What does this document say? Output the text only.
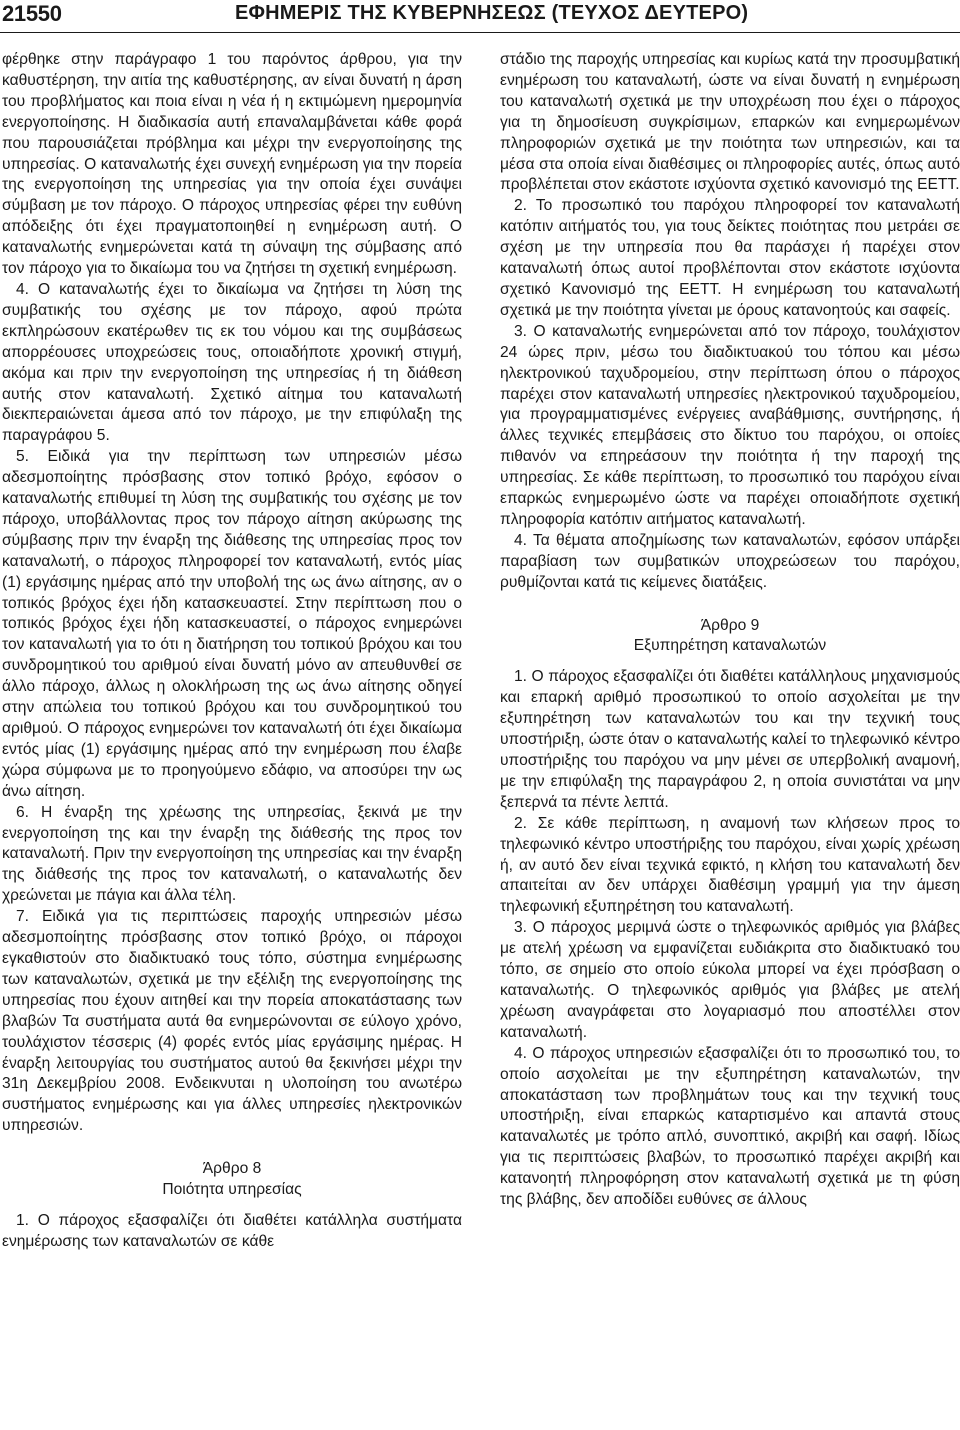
21550	ΕΦΗΜΕΡΙΣ ΤΗΣ ΚΥΒΕΡΝΗΣΕΩΣ (ΤΕΥΧΟΣ ΔΕΥΤΕΡΟ)

φέρθηκε στην παράγραφο 1 του παρόντος άρθρου, για την καθυστέρηση, την αιτία της καθυστέρησης, αν είναι δυνατή η άρση του προβλήματος και ποια είναι η νέα ή η εκτιμώμενη ημερομηνία ενεργοποίησης. Η διαδικασία αυτή επαναλαμβάνεται κάθε φορά που παρουσιάζεται πρόβλημα και μέχρι την ενεργοποίησης της υπηρεσίας. Ο καταναλωτής έχει συνεχή ενημέρωση για την πορεία της ενεργοποίηση της υπηρεσίας για την οποία έχει συνάψει σύμβαση με τον πάροχο. Ο πάροχος υπηρεσίας φέρει την ευθύνη απόδειξης ότι έχει πραγματοποιηθεί η ενημέρωση αυτή. Ο καταναλωτής ενημερώνεται κατά τη σύναψη της σύμβασης από τον πάροχο για το δικαίωμα του να ζητήσει τη σχετική ενημέρωση.

4. Ο καταναλωτής έχει το δικαίωμα να ζητήσει τη λύση της συμβατικής του σχέσης με τον πάροχο, αφού πρώτα εκπληρώσουν εκατέρωθεν τις εκ του νόμου και της συμβάσεως απορρέουσες υποχρεώσεις τους, οποιαδήποτε χρονική στιγμή, ακόμα και πριν την ενεργοποίηση της υπηρεσίας ή τη διάθεση αυτής στον καταναλωτή. Σχετικό αίτημα του καταναλωτή διεκπεραιώνεται άμεσα από τον πάροχο, με την επιφύλαξη της παραγράφου 5.

5. Ειδικά για την περίπτωση των υπηρεσιών μέσω αδεσμοποίητης πρόσβασης στον τοπικό βρόχο, εφόσον ο καταναλωτής επιθυμεί τη λύση της συμβατικής του σχέσης με τον πάροχο, υποβάλλοντας προς τον πάροχο αίτηση ακύρωσης της σύμβασης πριν την έναρξη της διάθεσης της υπηρεσίας προς τον καταναλωτή, ο πάροχος πληροφορεί τον καταναλωτή, εντός μίας (1) εργάσιμης ημέρας από την υποβολή της ως άνω αίτησης, αν ο τοπικός βρόχος έχει ήδη κατασκευαστεί. Στην περίπτωση που ο τοπικός βρόχος έχει ήδη κατασκευαστεί, ο πάροχος ενημερώνει τον καταναλωτή για το ότι η διατήρηση του τοπικού βρόχου και του συνδρομητικού του αριθμού είναι δυνατή μόνο αν απευθυνθεί σε άλλο πάροχο, άλλως η ολοκλήρωση της ως άνω αίτησης οδηγεί στην απώλεια του τοπικού βρόχου και του συνδρομητικού του αριθμού. Ο πάροχος ενημερώνει τον καταναλωτή ότι έχει δικαίωμα εντός μίας (1) εργάσιμης ημέρας από την ενημέρωση που έλαβε χώρα σύμφωνα με το προηγούμενο εδάφιο, να αποσύρει την ως άνω αίτηση.

6. Η έναρξη της χρέωσης της υπηρεσίας, ξεκινά με την ενεργοποίηση της και την έναρξη της διάθεσής της προς τον καταναλωτή. Πριν την ενεργοποίηση της υπηρεσίας και την έναρξη της διάθεσής της προς τον καταναλωτή, ο καταναλωτής δεν χρεώνεται με πάγια και άλλα τέλη.

7. Ειδικά για τις περιπτώσεις παροχής υπηρεσιών μέσω αδεσμοποίητης πρόσβασης στον τοπικό βρόχο, οι πάροχοι εγκαθιστούν στο διαδικτυακό τους τόπο, σύστημα ενημέρωσης των καταναλωτών, σχετικά με την εξέλιξη της ενεργοποίησης της υπηρεσίας που έχουν αιτηθεί και την πορεία αποκατάστασης των βλαβών Τα συστήματα αυτά θα ενημερώνονται σε εύλογο χρόνο, τουλάχιστον τέσσερις (4) φορές εντός μίας εργάσιμης ημέρας. Η έναρξη λειτουργίας του συστήματος αυτού θα ξεκινήσει μέχρι την 31η Δεκεμβρίου 2008. Ενδεικνυται η υλοποίηση του ανωτέρω συστήματος ενημέρωσης και για άλλες υπηρεσίες ηλεκτρονικών υπηρεσιών.

Άρθρο 8

Ποιότητα υπηρεσίας

1. Ο πάροχος εξασφαλίζει ότι διαθέτει κατάλληλα συστήματα ενημέρωσης των καταναλωτών σε κάθε

στάδιο της παροχής υπηρεσίας και κυρίως κατά την προσυμβατική ενημέρωση του καταναλωτή, ώστε να είναι δυνατή η ενημέρωση του καταναλωτή σχετικά με την υποχρέωση που έχει ο πάροχος για τη δημοσίευση συγκρίσιμων, επαρκών και ενημερωμένων πληροφοριών σχετικά με την ποιότητα των υπηρεσιών, και τα μέσα στα οποία είναι διαθέσιμες οι πληροφορίες αυτές, όπως αυτό προβλέπεται στον εκάστοτε ισχύοντα σχετικό κανονισμό της ΕΕΤΤ.

2. Το προσωπικό του παρόχου πληροφορεί τον καταναλωτή κατόπιν αιτήματός του, για τους δείκτες ποιότητας που μετράει σε σχέση με την υπηρεσία που θα παράσχει ή παρέχει στον καταναλωτή όπως αυτοί προβλέπονται στον εκάστοτε ισχύοντα σχετικό Κανονισμό της ΕΕΤΤ. Η ενημέρωση του καταναλωτή σχετικά με την ποιότητα γίνεται με όρους κατανοητούς και σαφείς.

3. Ο καταναλωτής ενημερώνεται από τον πάροχο, τουλάχιστον 24 ώρες πριν, μέσω του διαδικτυακού του τόπου και μέσω ηλεκτρονικού ταχυδρομείου, στην περίπτωση όπου ο πάροχος παρέχει στον καταναλωτή υπηρεσίες ηλεκτρονικού ταχυδρομείου, για προγραμματισμένες ενέργειες αναβάθμισης, συντήρησης, ή άλλες τεχνικές επεμβάσεις στο δίκτυο του παρόχου, οι οποίες πιθανόν να επηρεάσουν την ποιότητα ή την παροχή της υπηρεσίας. Σε κάθε περίπτωση, το προσωπικό του παρόχου είναι επαρκώς ενημερωμένο ώστε να παρέχει οποιαδήποτε σχετική πληροφορία κατόπιν αιτήματος καταναλωτή.

4. Τα θέματα αποζημίωσης των καταναλωτών, εφόσον υπάρξει παραβίαση των συμβατικών υποχρεώσεων του παρόχου, ρυθμίζονται κατά τις κείμενες διατάξεις.

Άρθρο 9

Εξυπηρέτηση καταναλωτών

1. Ο πάροχος εξασφαλίζει ότι διαθέτει κατάλληλους μηχανισμούς και επαρκή αριθμό προσωπικού το οποίο ασχολείται με την εξυπηρέτηση των καταναλωτών του και την τεχνική τους υποστήριξη, ώστε όταν ο καταναλωτής καλεί το τηλεφωνικό κέντρο υποστήριξης του παρόχου να μην μένει σε υπερβολική αναμονή, με την επιφύλαξη της παραγράφου 2, η οποία συνιστάται να μην ξεπερνά τα πέντε λεπτά.

2. Σε κάθε περίπτωση, η αναμονή των κλήσεων προς το τηλεφωνικό κέντρο υποστήριξης του παρόχου, είναι χωρίς χρέωση ή, αν αυτό δεν είναι τεχνικά εφικτό, η κλήση του καταναλωτή δεν απαιτείται αν δεν υπάρχει διαθέσιμη γραμμή για την άμεση τηλεφωνική εξυπηρέτηση του καταναλωτή.

3. Ο πάροχος μεριμνά ώστε ο τηλεφωνικός αριθμός για βλάβες με ατελή χρέωση να εμφανίζεται ευδιάκριτα στο διαδικτυακό του τόπο, σε σημείο στο οποίο εύκολα μπορεί να έχει πρόσβαση ο καταναλωτής. Ο τηλεφωνικός αριθμός για βλάβες με ατελή χρέωση αναγράφεται στο λογαριασμό που αποστέλλει στον καταναλωτή.

4. Ο πάροχος υπηρεσιών εξασφαλίζει ότι το προσωπικό του, το οποίο ασχολείται με την εξυπηρέτηση καταναλωτών, την αποκατάσταση των προβλημάτων τους και την τεχνική τους υποστήριξη, είναι επαρκώς καταρτισμένο και απαντά στους καταναλωτές με τρόπο απλό, συνοπτικό, ακριβή και σαφή. Ιδίως για τις περιπτώσεις βλαβών, το προσωπικό παρέχει ακριβή και κατανοητή πληροφόρηση στον καταναλωτή σχετικά με τη φύση της βλάβης, δεν αποδίδει ευθύνες σε άλλους
